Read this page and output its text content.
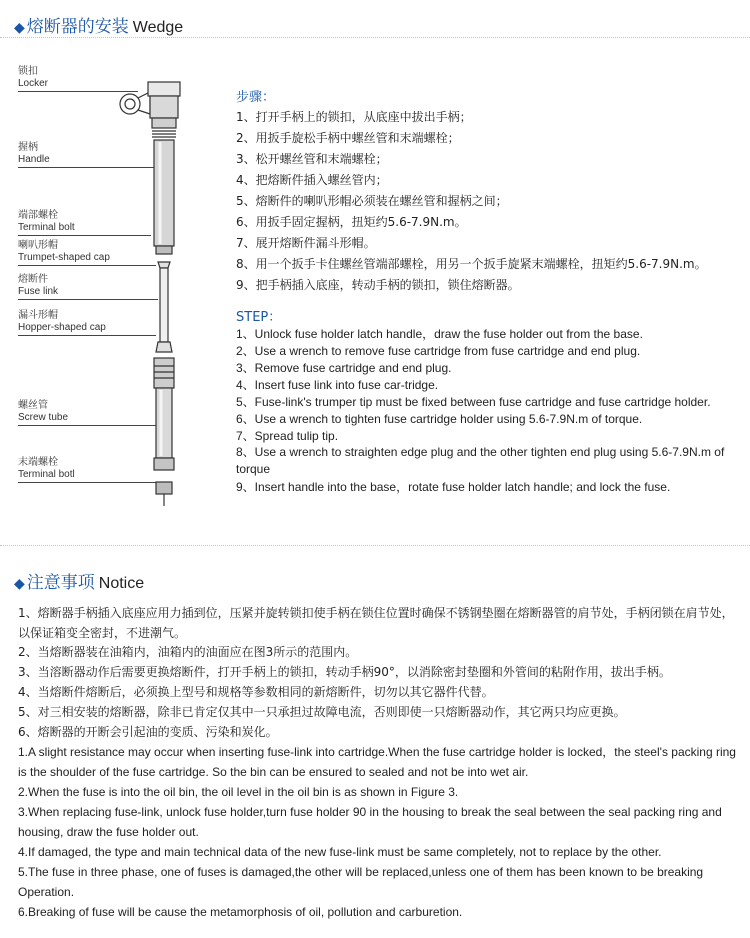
◆ 熔断器的安装 Wedge
锁扣
Locker
握柄
Handle
端部螺栓
Terminal bolt
喇叭形帽
Trumpet-shaped cap
熔断件
Fuse link
漏斗形帽
Hopper-shaped cap
螺丝管
Screw tube
末端螺栓
Terminal botl
步骤：
1、打开手柄上的锁扣，从底座中拔出手柄；
2、用扳手旋松手柄中螺丝管和末端螺栓；
3、松开螺丝管和末端螺栓；
4、把熔断件插入螺丝管内；
5、熔断件的喇叭形帽必须装在螺丝管和握柄之间；
6、用扳手固定握柄，扭矩约5.6-7.9N.m。
7、展开熔断件漏斗形帽。
8、用一个扳手卡住螺丝管端部螺栓，用另一个扳手旋紧末端螺栓，扭矩约5.6-7.9N.m。
9、把手柄插入底座，转动手柄的锁扣，锁住熔断器。
STEP：
1、Unlock fuse holder latch handle，draw the fuse holder out from the base.
2、Use a wrench to remove fuse cartridge from fuse cartridge and end plug.
3、Remove fuse cartridge and end plug.
4、Insert fuse link into fuse car-tridge.
5、Fuse-link's trumper tip must be fixed between fuse cartridge and fuse cartridge holder.
6、Use a wrench to tighten fuse cartridge holder using 5.6-7.9N.m of torque.
7、Spread tulip tip.
8、Use a wrench to straighten edge plug and the other tighten end plug using 5.6-7.9N.m of torque
9、Insert handle into the base，rotate fuse holder latch handle; and lock the fuse.
◆ 注意事项 Notice
1、熔断器手柄插入底座应用力插到位，压紧并旋转锁扣使手柄在锁住位置时确保不锈钢垫圈在熔断器管的肩节处，手柄闭锁在肩节处，以保证箱变全密封，不进潮气。
2、当熔断器装在油箱内，油箱内的油面应在图3所示的范围内。
3、当溶断器动作后需要更换熔断件，打开手柄上的锁扣，转动手柄90°，以消除密封垫圈和外管间的粘附作用，拔出手柄。
4、当熔断件熔断后，必须换上型号和规格等参数相同的新熔断件，切勿以其它器件代替。
5、对三相安装的熔断器，除非已肯定仅其中一只承担过故障电流，否则即使一只熔断器动作，其它两只均应更换。
6、熔断器的开断会引起油的变质、污染和炭化。
1.A slight resistance may occur when inserting fuse-link into cartridge.When the fuse cartridge holder is locked，the steel's packing ring is the shoulder of the fuse cartridge. So the bin can be ensured to sealed and not be into wet air.
2.When the fuse is into the oil bin, the oil level in the oil bin is as shown in Figure 3.
3.When replacing fuse-link, unlock fuse holder,turn fuse holder 90 in the housing to break the seal between the seal packing ring and housing, draw the fuse holder out.
4.If damaged, the type and main technical data of the new fuse-link must be same completely, not to replace by the other.
5.The fuse in three phase, one of fuses is damaged,the other will be replaced,unless one of them has been known to be breaking Operation.
6.Breaking of fuse will be cause the metamorphosis of oil, pollution and carburetion.
